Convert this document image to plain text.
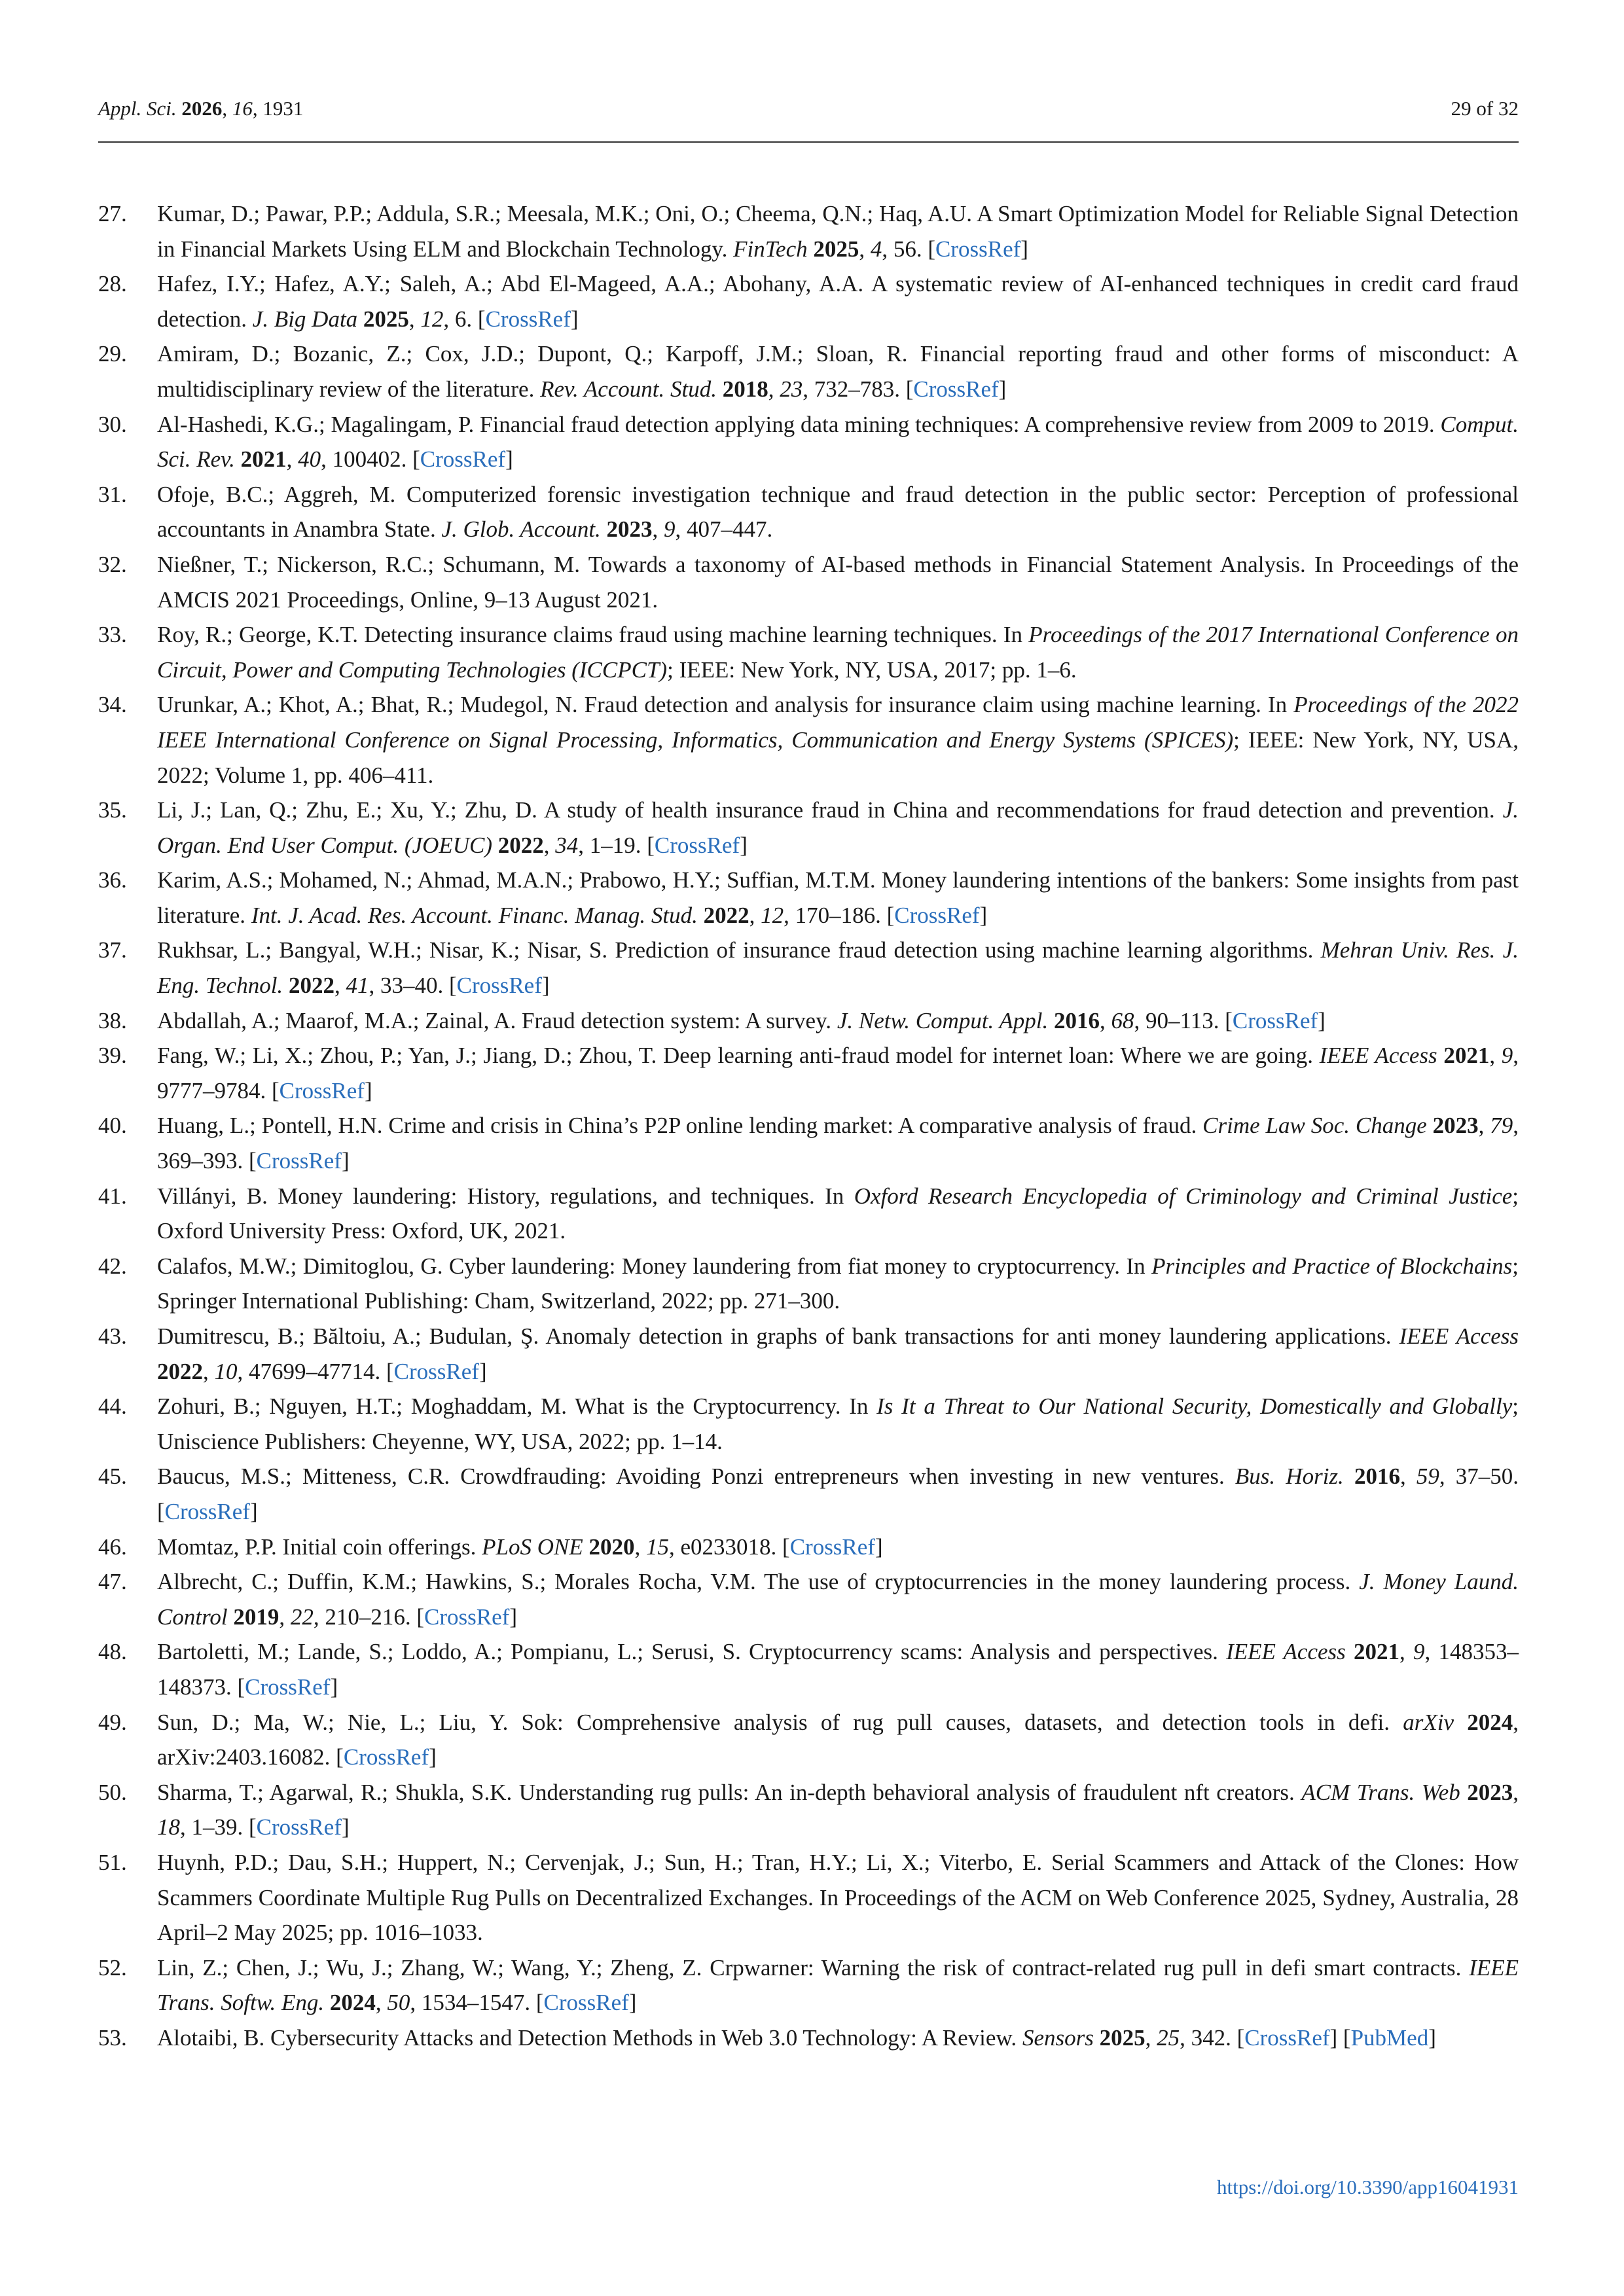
Appl. Sci. 2026, 16, 1931	29 of 32
27.	Kumar, D.; Pawar, P.P.; Addula, S.R.; Meesala, M.K.; Oni, O.; Cheema, Q.N.; Haq, A.U. A Smart Optimization Model for Reliable Signal Detection in Financial Markets Using ELM and Blockchain Technology. FinTech 2025, 4, 56. [CrossRef]
28.	Hafez, I.Y.; Hafez, A.Y.; Saleh, A.; Abd El-Mageed, A.A.; Abohany, A.A. A systematic review of AI-enhanced techniques in credit card fraud detection. J. Big Data 2025, 12, 6. [CrossRef]
29.	Amiram, D.; Bozanic, Z.; Cox, J.D.; Dupont, Q.; Karpoff, J.M.; Sloan, R. Financial reporting fraud and other forms of misconduct: A multidisciplinary review of the literature. Rev. Account. Stud. 2018, 23, 732–783. [CrossRef]
30.	Al-Hashedi, K.G.; Magalingam, P. Financial fraud detection applying data mining techniques: A comprehensive review from 2009 to 2019. Comput. Sci. Rev. 2021, 40, 100402. [CrossRef]
31.	Ofoje, B.C.; Aggreh, M. Computerized forensic investigation technique and fraud detection in the public sector: Perception of professional accountants in Anambra State. J. Glob. Account. 2023, 9, 407–447.
32.	Nießner, T.; Nickerson, R.C.; Schumann, M. Towards a taxonomy of AI-based methods in Financial Statement Analysis. In Proceedings of the AMCIS 2021 Proceedings, Online, 9–13 August 2021.
33.	Roy, R.; George, K.T. Detecting insurance claims fraud using machine learning techniques. In Proceedings of the 2017 International Conference on Circuit, Power and Computing Technologies (ICCPCT); IEEE: New York, NY, USA, 2017; pp. 1–6.
34.	Urunkar, A.; Khot, A.; Bhat, R.; Mudegol, N. Fraud detection and analysis for insurance claim using machine learning. In Proceedings of the 2022 IEEE International Conference on Signal Processing, Informatics, Communication and Energy Systems (SPICES); IEEE: New York, NY, USA, 2022; Volume 1, pp. 406–411.
35.	Li, J.; Lan, Q.; Zhu, E.; Xu, Y.; Zhu, D. A study of health insurance fraud in China and recommendations for fraud detection and prevention. J. Organ. End User Comput. (JOEUC) 2022, 34, 1–19. [CrossRef]
36.	Karim, A.S.; Mohamed, N.; Ahmad, M.A.N.; Prabowo, H.Y.; Suffian, M.T.M. Money laundering intentions of the bankers: Some insights from past literature. Int. J. Acad. Res. Account. Financ. Manag. Stud. 2022, 12, 170–186. [CrossRef]
37.	Rukhsar, L.; Bangyal, W.H.; Nisar, K.; Nisar, S. Prediction of insurance fraud detection using machine learning algorithms. Mehran Univ. Res. J. Eng. Technol. 2022, 41, 33–40. [CrossRef]
38.	Abdallah, A.; Maarof, M.A.; Zainal, A. Fraud detection system: A survey. J. Netw. Comput. Appl. 2016, 68, 90–113. [CrossRef]
39.	Fang, W.; Li, X.; Zhou, P.; Yan, J.; Jiang, D.; Zhou, T. Deep learning anti-fraud model for internet loan: Where we are going. IEEE Access 2021, 9, 9777–9784. [CrossRef]
40.	Huang, L.; Pontell, H.N. Crime and crisis in China’s P2P online lending market: A comparative analysis of fraud. Crime Law Soc. Change 2023, 79, 369–393. [CrossRef]
41.	Villányi, B. Money laundering: History, regulations, and techniques. In Oxford Research Encyclopedia of Criminology and Criminal Justice; Oxford University Press: Oxford, UK, 2021.
42.	Calafos, M.W.; Dimitoglou, G. Cyber laundering: Money laundering from fiat money to cryptocurrency. In Principles and Practice of Blockchains; Springer International Publishing: Cham, Switzerland, 2022; pp. 271–300.
43.	Dumitrescu, B.; Băltoiu, A.; Budulan, Ş. Anomaly detection in graphs of bank transactions for anti money laundering applications. IEEE Access 2022, 10, 47699–47714. [CrossRef]
44.	Zohuri, B.; Nguyen, H.T.; Moghaddam, M. What is the Cryptocurrency. In Is It a Threat to Our National Security, Domestically and Globally; Uniscience Publishers: Cheyenne, WY, USA, 2022; pp. 1–14.
45.	Baucus, M.S.; Mitteness, C.R. Crowdfrauding: Avoiding Ponzi entrepreneurs when investing in new ventures. Bus. Horiz. 2016, 59, 37–50. [CrossRef]
46.	Momtaz, P.P. Initial coin offerings. PLoS ONE 2020, 15, e0233018. [CrossRef]
47.	Albrecht, C.; Duffin, K.M.; Hawkins, S.; Morales Rocha, V.M. The use of cryptocurrencies in the money laundering process. J. Money Laund. Control 2019, 22, 210–216. [CrossRef]
48.	Bartoletti, M.; Lande, S.; Loddo, A.; Pompianu, L.; Serusi, S. Cryptocurrency scams: Analysis and perspectives. IEEE Access 2021, 9, 148353–148373. [CrossRef]
49.	Sun, D.; Ma, W.; Nie, L.; Liu, Y. Sok: Comprehensive analysis of rug pull causes, datasets, and detection tools in defi. arXiv 2024, arXiv:2403.16082. [CrossRef]
50.	Sharma, T.; Agarwal, R.; Shukla, S.K. Understanding rug pulls: An in-depth behavioral analysis of fraudulent nft creators. ACM Trans. Web 2023, 18, 1–39. [CrossRef]
51.	Huynh, P.D.; Dau, S.H.; Huppert, N.; Cervenjak, J.; Sun, H.; Tran, H.Y.; Li, X.; Viterbo, E. Serial Scammers and Attack of the Clones: How Scammers Coordinate Multiple Rug Pulls on Decentralized Exchanges. In Proceedings of the ACM on Web Conference 2025, Sydney, Australia, 28 April–2 May 2025; pp. 1016–1033.
52.	Lin, Z.; Chen, J.; Wu, J.; Zhang, W.; Wang, Y.; Zheng, Z. Crpwarner: Warning the risk of contract-related rug pull in defi smart contracts. IEEE Trans. Softw. Eng. 2024, 50, 1534–1547. [CrossRef]
53.	Alotaibi, B. Cybersecurity Attacks and Detection Methods in Web 3.0 Technology: A Review. Sensors 2025, 25, 342. [CrossRef] [PubMed]
https://doi.org/10.3390/app16041931
